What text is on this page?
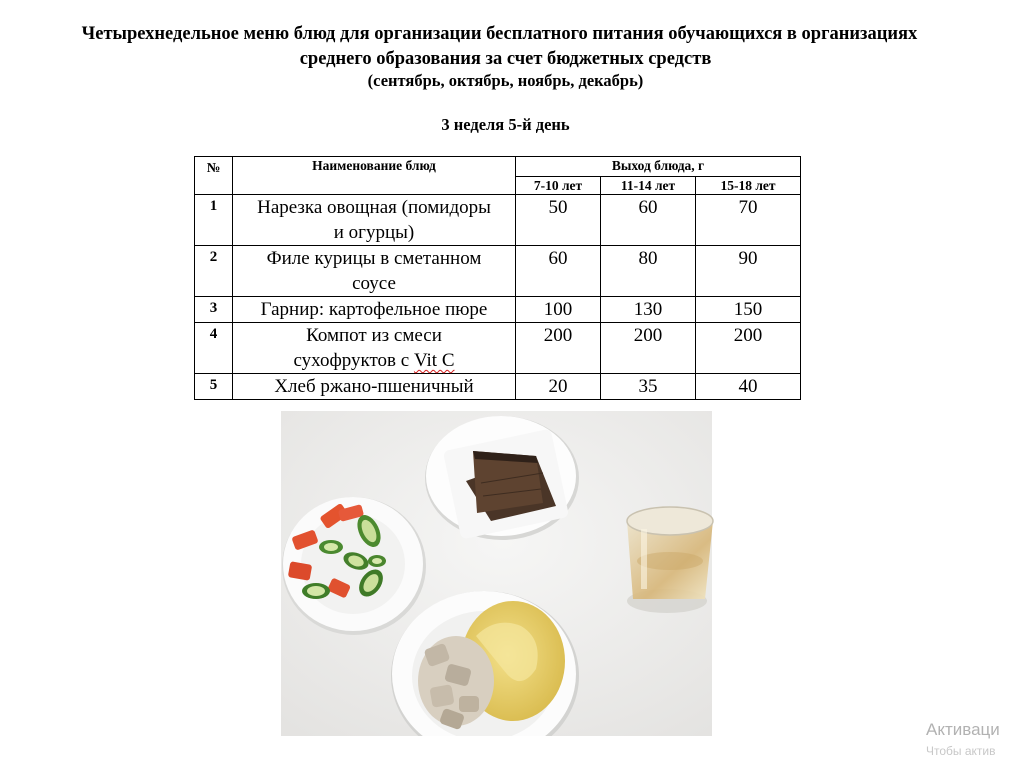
Четырехнедельное меню блюд для организации бесплатного питания обучающихся в организациях
среднего образования за счет бюджетных средств
(сентябрь, октябрь, ноябрь, декабрь)
3 неделя 5-й день
№	Наименование блюд	Выход блюда, г		
		7-10 лет	11-14 лет	15-18 лет
1	Нарезка овощная (помидоры
и огурцы)	50	60	70
2	Филе курицы в сметанном
соусе	60	80	90
3	Гарнир: картофельное пюре	100	130	150
4	Компот из смеси
сухофруктов с Vit C	200	200	200
5	Хлеб ржано-пшеничный	20	35	40
Активаци
Чтобы актив
